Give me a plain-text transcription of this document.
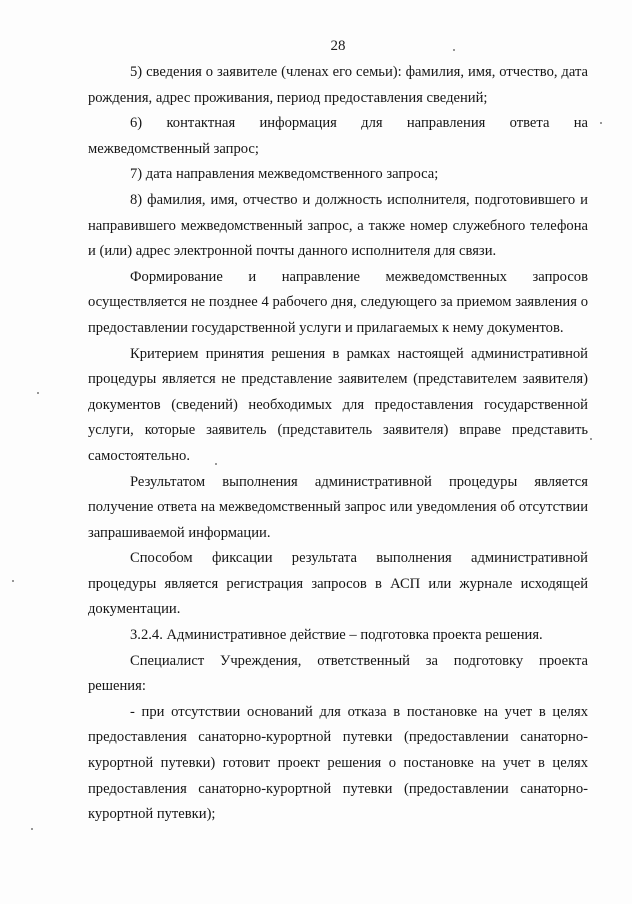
28

5) сведения о заявителе (членах его семьи): фамилия, имя, отчество, дата рождения, адрес проживания, период предоставления сведений;

6) контактная информация для направления ответа на межведомственный запрос;

7) дата направления межведомственного запроса;

8) фамилия, имя, отчество и должность исполнителя, подготовившего и направившего межведомственный запрос, а также номер служебного телефона и (или) адрес электронной почты данного исполнителя для связи.

Формирование и направление межведомственных запросов осуществляется не позднее 4 рабочего дня, следующего за приемом заявления о предоставлении государственной услуги и прилагаемых к нему документов.

Критерием принятия решения в рамках настоящей административной процедуры является не представление заявителем (представителем заявителя) документов (сведений) необходимых для предоставления государственной услуги, которые заявитель (представитель заявителя) вправе представить самостоятельно.

Результатом выполнения административной процедуры является получение ответа на межведомственный запрос или уведомления об отсутствии запрашиваемой информации.

Способом фиксации результата выполнения административной процедуры является регистрация запросов в АСП или журнале исходящей документации.

3.2.4. Административное действие – подготовка проекта решения.

Специалист Учреждения, ответственный за подготовку проекта решения:

- при отсутствии оснований для отказа в постановке на учет в целях предоставления санаторно-курортной путевки (предоставлении санаторно-курортной путевки) готовит проект решения о постановке на учет в целях предоставления санаторно-курортной путевки (предоставлении санаторно-курортной путевки);
